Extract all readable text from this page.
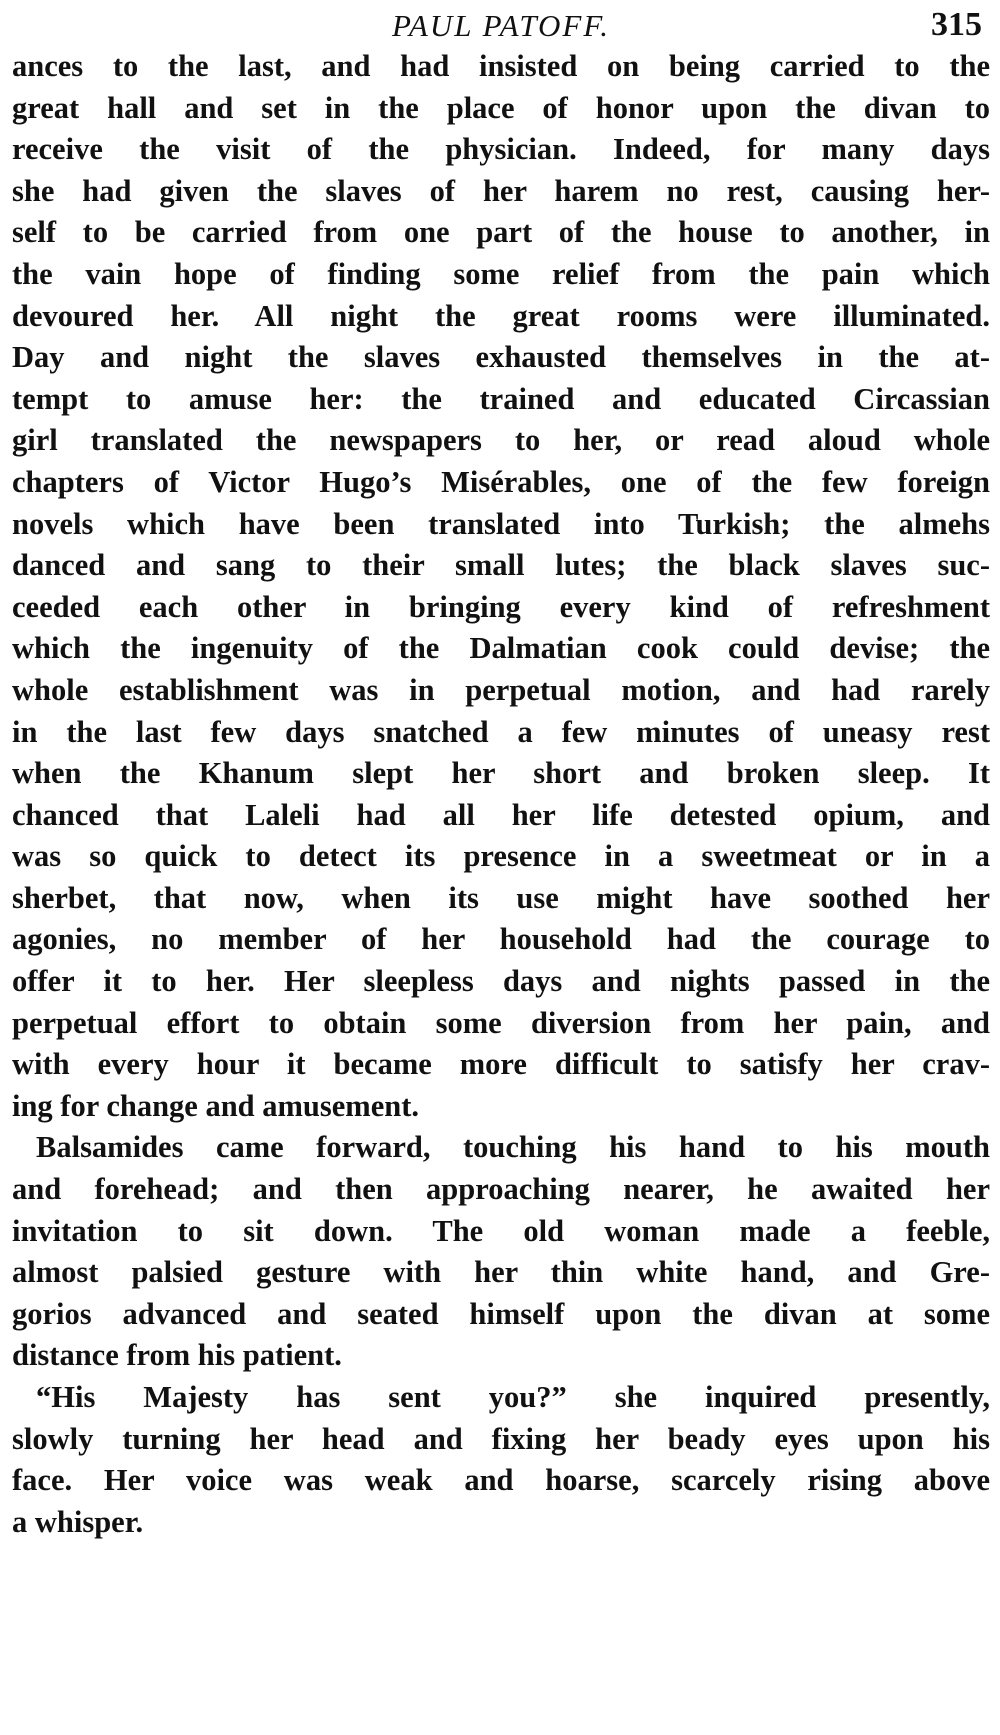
PAUL PATOFF.	315
ances to the last, and had insisted on being carried to the
great hall and set in the place of honor upon the divan to
receive the visit of the physician. Indeed, for many days
she had given the slaves of her harem no rest, causing her-
self to be carried from one part of the house to another, in
the vain hope of finding some relief from the pain which
devoured her. All night the great rooms were illuminated.
Day and night the slaves exhausted themselves in the at-
tempt to amuse her: the trained and educated Circassian
girl translated the newspapers to her, or read aloud whole
chapters of Victor Hugo’s Misérables, one of the few foreign
novels which have been translated into Turkish; the almehs
danced and sang to their small lutes; the black slaves suc-
ceeded each other in bringing every kind of refreshment
which the ingenuity of the Dalmatian cook could devise; the
whole establishment was in perpetual motion, and had rarely
in the last few days snatched a few minutes of uneasy rest
when the Khanum slept her short and broken sleep. It
chanced that Laleli had all her life detested opium, and
was so quick to detect its presence in a sweetmeat or in a
sherbet, that now, when its use might have soothed her
agonies, no member of her household had the courage to
offer it to her. Her sleepless days and nights passed in the
perpetual effort to obtain some diversion from her pain, and
with every hour it became more difficult to satisfy her crav-
ing for change and amusement.
Balsamides came forward, touching his hand to his mouth
and forehead; and then approaching nearer, he awaited her
invitation to sit down. The old woman made a feeble,
almost palsied gesture with her thin white hand, and Gre-
gorios advanced and seated himself upon the divan at some
distance from his patient.
“His Majesty has sent you?” she inquired presently,
slowly turning her head and fixing her beady eyes upon his
face. Her voice was weak and hoarse, scarcely rising above
a whisper.
